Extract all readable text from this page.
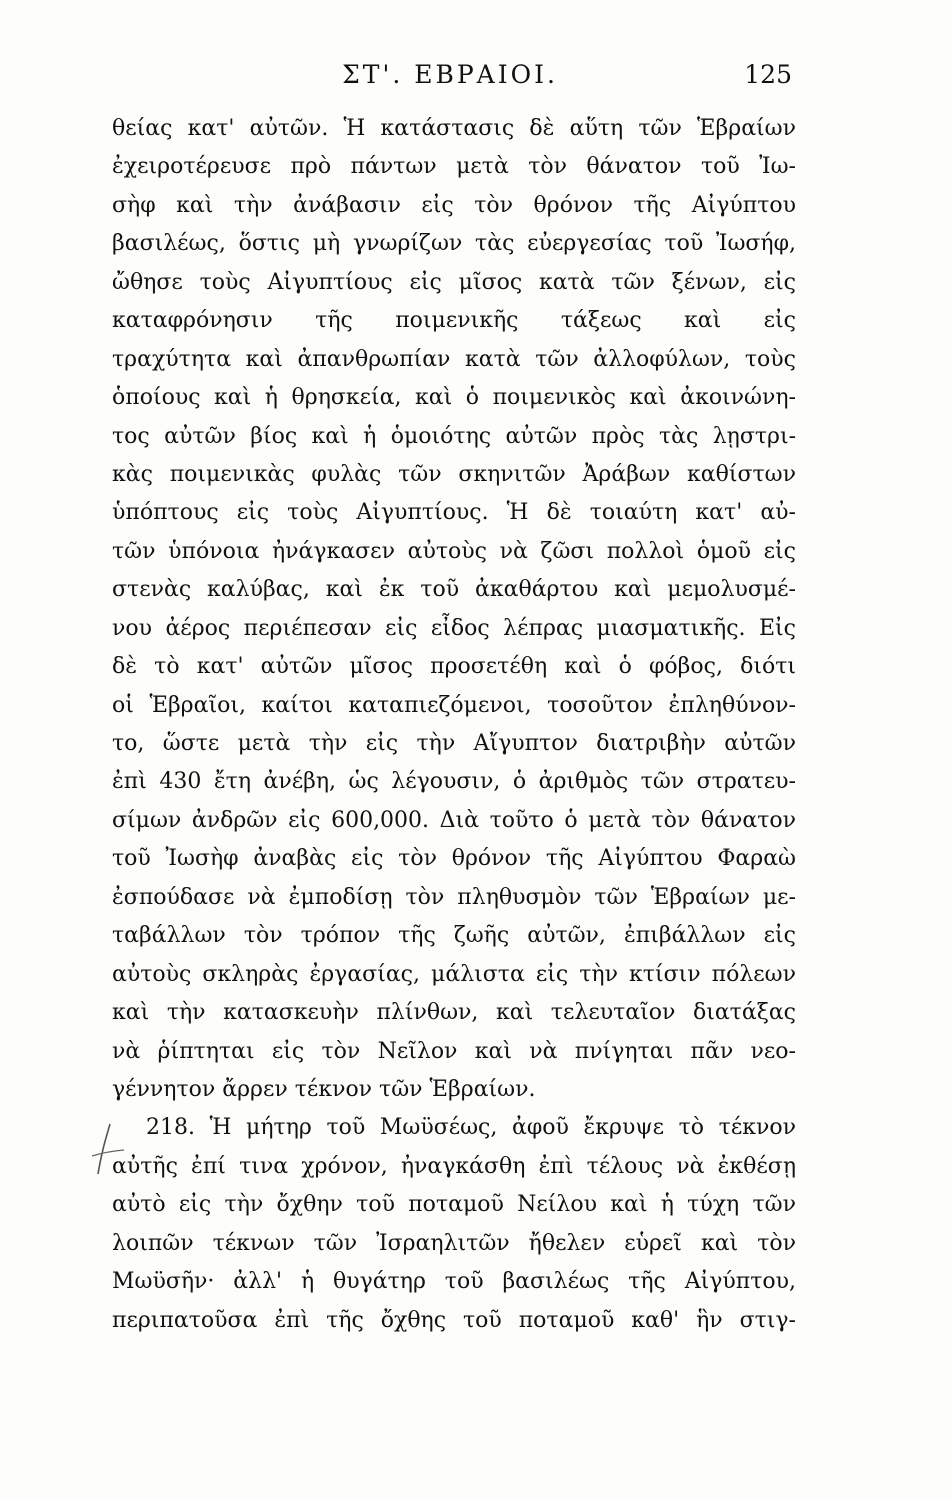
ΣΤ'. ΕΒΡΑΙΟΙ.	125
θείας κατ' αὐτῶν. Ἡ κατάστασις δὲ αὕτη τῶν Ἑβραίων
ἐχειροτέρευσε πρὸ πάντων μετὰ τὸν θάνατον τοῦ Ἰω-
σὴφ καὶ τὴν ἀνάβασιν εἰς τὸν θρόνον τῆς Αἰγύπτου
βασιλέως, ὅστις μὴ γνωρίζων τὰς εὐεργεσίας τοῦ Ἰωσήφ,
ὤθησε τοὺς Αἰγυπτίους εἰς μῖσος κατὰ τῶν ξένων, εἰς
καταφρόνησιν τῆς ποιμενικῆς τάξεως καὶ εἰς
τραχύτητα καὶ ἀπανθρωπίαν κατὰ τῶν ἀλλοφύλων, τοὺς
ὁποίους καὶ ἡ θρησκεία, καὶ ὁ ποιμενικὸς καὶ ἀκοινώνη-
τος αὐτῶν βίος καὶ ἡ ὁμοιότης αὐτῶν πρὸς τὰς λῃστρι-
κὰς ποιμενικὰς φυλὰς τῶν σκηνιτῶν Ἀράβων καθίστων
ὑπόπτους εἰς τοὺς Αἰγυπτίους. Ἡ δὲ τοιαύτη κατ' αὐ-
τῶν ὑπόνοια ἠνάγκασεν αὐτοὺς νὰ ζῶσι πολλοὶ ὁμοῦ εἰς
στενὰς καλύβας, καὶ ἐκ τοῦ ἀκαθάρτου καὶ μεμολυσμέ-
νου ἀέρος περιέπεσαν εἰς εἶδος λέπρας μιασματικῆς. Εἰς
δὲ τὸ κατ' αὐτῶν μῖσος προσετέθη καὶ ὁ φόβος, διότι
οἱ Ἑβραῖοι, καίτοι καταπιεζόμενοι, τοσοῦτον ἐπληθύνον-
το, ὥστε μετὰ τὴν εἰς τὴν Αἴγυπτον διατριβὴν αὐτῶν
ἐπὶ 430 ἔτη ἀνέβη, ὡς λέγουσιν, ὁ ἀριθμὸς τῶν στρατευ-
σίμων ἀνδρῶν εἰς 600,000. Διὰ τοῦτο ὁ μετὰ τὸν θάνατον
τοῦ Ἰωσὴφ ἀναβὰς εἰς τὸν θρόνον τῆς Αἰγύπτου Φαραὼ
ἐσπούδασε νὰ ἐμποδίσῃ τὸν πληθυσμὸν τῶν Ἑβραίων με-
ταβάλλων τὸν τρόπον τῆς ζωῆς αὐτῶν, ἐπιβάλλων εἰς
αὐτοὺς σκληρὰς ἐργασίας, μάλιστα εἰς τὴν κτίσιν πόλεων
καὶ τὴν κατασκευὴν πλίνθων, καὶ τελευταῖον διατάξας
νὰ ῥίπτηται εἰς τὸν Νεῖλον καὶ νὰ πνίγηται πᾶν νεο-
γέννητον ἄρρεν τέκνον τῶν Ἑβραίων.
218. Ἡ μήτηρ τοῦ Μωϋσέως, ἀφοῦ ἔκρυψε τὸ τέκνον
αὐτῆς ἐπί τινα χρόνον, ἠναγκάσθη ἐπὶ τέλους νὰ ἐκθέσῃ
αὐτὸ εἰς τὴν ὄχθην τοῦ ποταμοῦ Νείλου καὶ ἡ τύχη τῶν
λοιπῶν τέκνων τῶν Ἰσραηλιτῶν ἤθελεν εὑρεῖ καὶ τὸν
Μωϋσῆν· ἀλλ' ἡ θυγάτηρ τοῦ βασιλέως τῆς Αἰγύπτου,
περιπατοῦσα ἐπὶ τῆς ὄχθης τοῦ ποταμοῦ καθ' ἣν στιγ-
